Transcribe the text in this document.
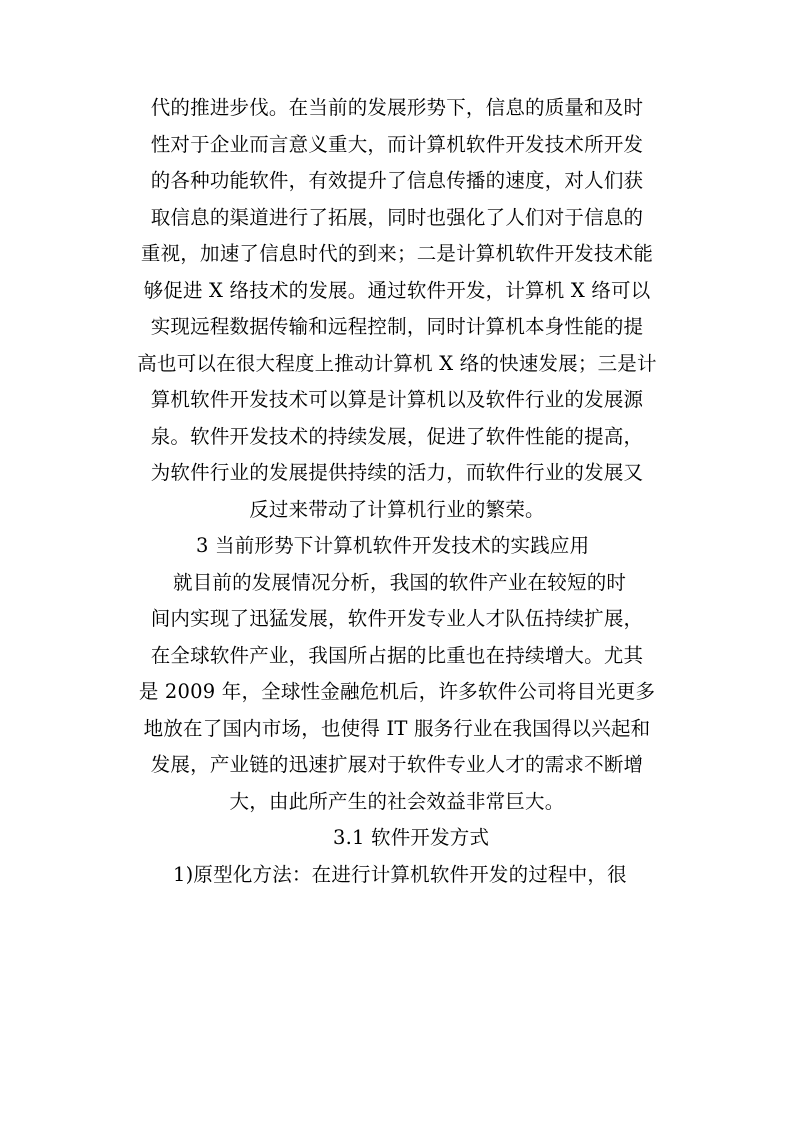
代的推进步伐。在当前的发展形势下，信息的质量和及时
性对于企业而言意义重大，而计算机软件开发技术所开发
的各种功能软件，有效提升了信息传播的速度，对人们获
取信息的渠道进行了拓展，同时也强化了人们对于信息的
重视，加速了信息时代的到来；二是计算机软件开发技术能
够促进 X 络技术的发展。通过软件开发，计算机 X 络可以
实现远程数据传输和远程控制，同时计算机本身性能的提
高也可以在很大程度上推动计算机 X 络的快速发展；三是计
算机软件开发技术可以算是计算机以及软件行业的发展源
泉。软件开发技术的持续发展，促进了软件性能的提高，
为软件行业的发展提供持续的活力，而软件行业的发展又
反过来带动了计算机行业的繁荣。
3 当前形势下计算机软件开发技术的实践应用
就目前的发展情况分析，我国的软件产业在较短的时
间内实现了迅猛发展，软件开发专业人才队伍持续扩展，
在全球软件产业，我国所占据的比重也在持续增大。尤其
是 2009 年，全球性金融危机后，许多软件公司将目光更多
地放在了国内市场，也使得 IT 服务行业在我国得以兴起和
发展，产业链的迅速扩展对于软件专业人才的需求不断增
大，由此所产生的社会效益非常巨大。
3.1 软件开发方式
1)原型化方法：在进行计算机软件开发的过程中，很
